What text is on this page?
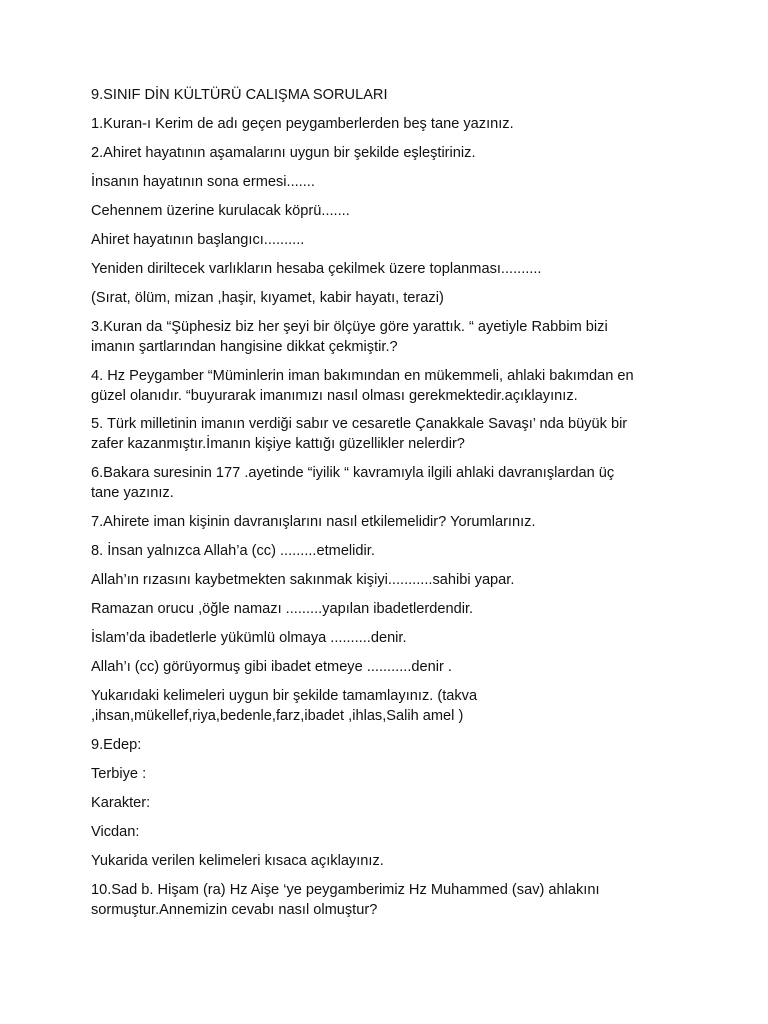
9.SINIF DİN KÜLTÜRÜ CALIŞMA SORULARI
1.Kuran-ı Kerim de adı geçen peygamberlerden beş tane yazınız.
2.Ahiret hayatının aşamalarını uygun bir şekilde eşleştiriniz.
İnsanın hayatının sona ermesi.......
Cehennem üzerine kurulacak köprü.......
Ahiret hayatının başlangıcı..........
Yeniden diriltecek varlıkların hesaba çekilmek üzere toplanması..........
(Sırat, ölüm, mizan ,haşir, kıyamet, kabir hayatı, terazi)
3.Kuran da “Şüphesiz biz her şeyi bir ölçüye göre yarattık. “ ayetiyle Rabbim bizi
imanın şartlarından hangisine dikkat çekmiştir.?
4. Hz Peygamber “Müminlerin iman bakımından en mükemmeli, ahlaki bakımdan en
güzel olanıdır. “buyurarak imanımızı nasıl olması gerekmektedir.açıklayınız.
5. Türk milletinin imanın verdiği sabır ve cesaretle Çanakkale Savaşı’ nda büyük bir
zafer kazanmıştır.İmanın kişiye kattığı güzellikler nelerdir?
6.Bakara suresinin 177 .ayetinde “iyilik “ kavramıyla ilgili ahlaki davranışlardan üç
tane yazınız.
7.Ahirete iman kişinin davranışlarını nasıl etkilemelidir? Yorumlarınız.
8. İnsan yalnızca Allah’a (cc) .........etmelidir.
Allah’ın rızasını kaybetmekten sakınmak kişiyi...........sahibi yapar.
Ramazan orucu ,öğle namazı .........yapılan ibadetlerdendir.
İslam’da ibadetlerle yükümlü olmaya ..........denir.
Allah’ı (cc) görüyormuş gibi ibadet etmeye ...........denir .
Yukarıdaki kelimeleri uygun bir şekilde tamamlayınız. (takva
,ihsan,mükellef,riya,bedenle,farz,ibadet ,ihlas,Salih amel )
9.Edep:
Terbiye :
Karakter:
Vicdan:
Yukarida verilen kelimeleri kısaca açıklayınız.
10.Sad b. Hişam (ra) Hz Aişe ‘ye peygamberimiz Hz Muhammed (sav) ahlakını
sormuştur.Annemizin cevabı nasıl olmuştur?
